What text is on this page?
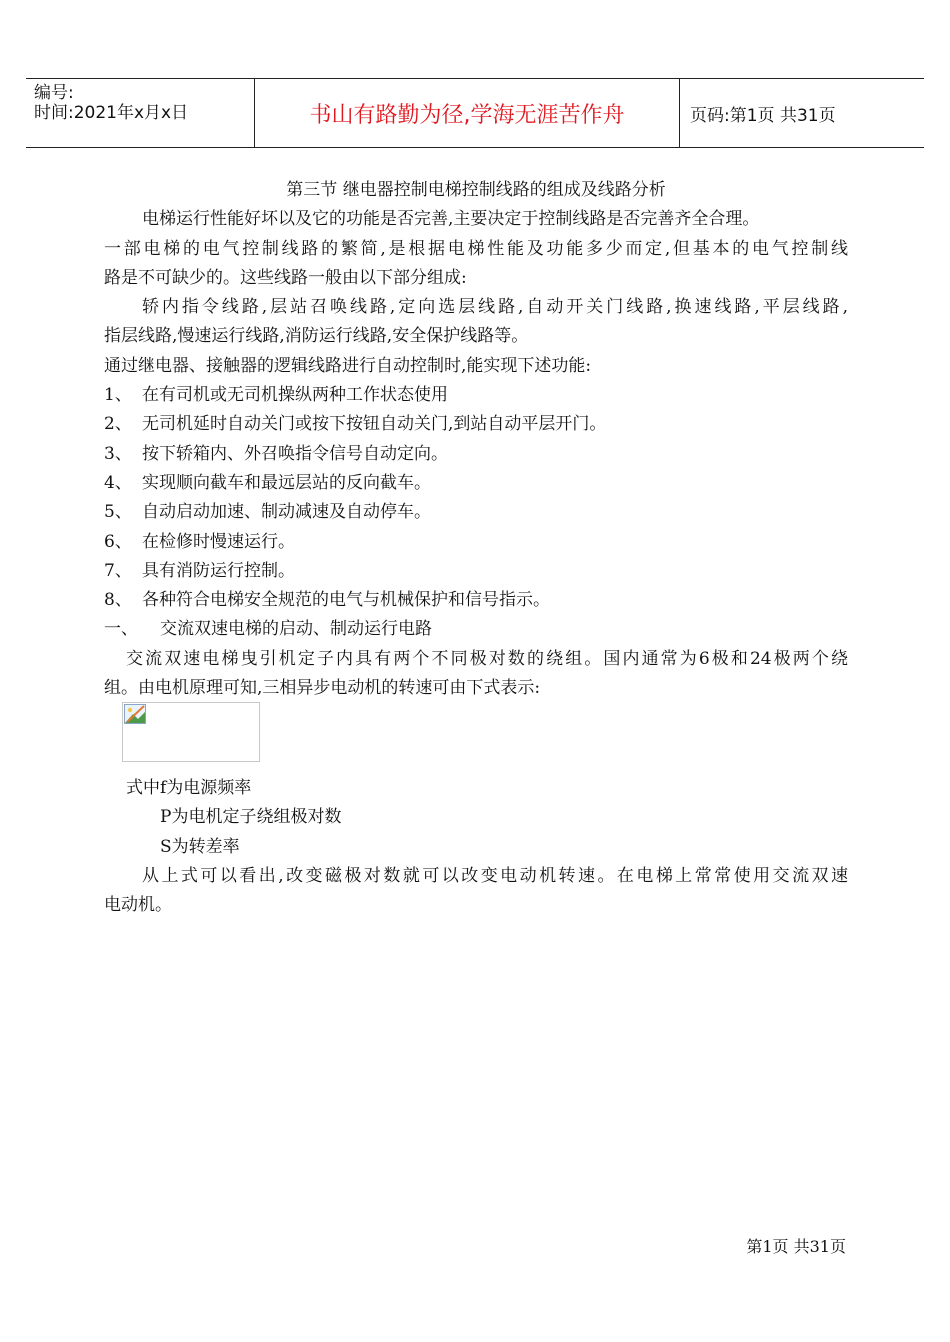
编号:
时间:2021年x月x日	书山有路勤为径,学海无涯苦作舟	页码:第1页 共31页
第三节 继电器控制电梯控制线路的组成及线路分析
电梯运行性能好坏以及它的功能是否完善,主要决定于控制线路是否完善齐全合理。
一部电梯的电气控制线路的繁简,是根据电梯性能及功能多少而定,但基本的电气控制线
路是不可缺少的。这些线路一般由以下部分组成:
轿内指令线路,层站召唤线路,定向选层线路,自动开关门线路,换速线路,平层线路,
指层线路,慢速运行线路,消防运行线路,安全保护线路等。
通过继电器、接触器的逻辑线路进行自动控制时,能实现下述功能:
1、 在有司机或无司机操纵两种工作状态使用
2、 无司机延时自动关门或按下按钮自动关门,到站自动平层开门。
3、 按下轿箱内、外召唤指令信号自动定向。
4、 实现顺向截车和最远层站的反向截车。
5、 自动启动加速、制动减速及自动停车。
6、 在检修时慢速运行。
7、 具有消防运行控制。
8、 各种符合电梯安全规范的电气与机械保护和信号指示。
一、 交流双速电梯的启动、制动运行电路
交流双速电梯曳引机定子内具有两个不同极对数的绕组。国内通常为6极和24极两个绕
组。由电机原理可知,三相异步电动机的转速可由下式表示:
式中f为电源频率
P为电机定子绕组极对数
S为转差率
从上式可以看出,改变磁极对数就可以改变电动机转速。在电梯上常常使用交流双速
电动机。
第1页 共31页
